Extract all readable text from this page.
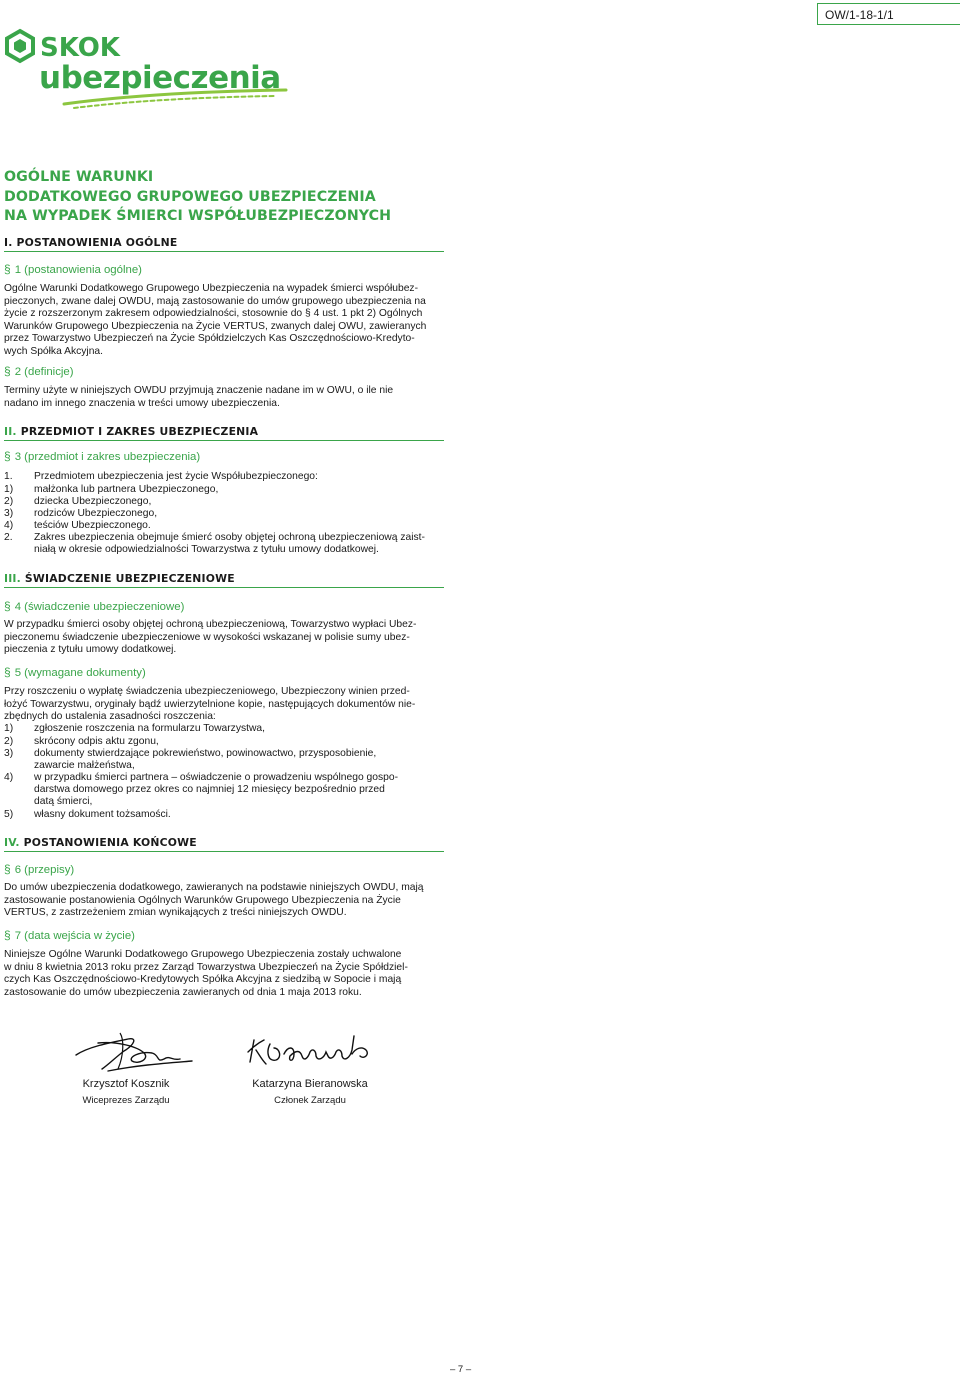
OW/1-18-1/1
SKOK
ubezpieczenia
OGÓLNE WARUNKI
DODATKOWEGO GRUPOWEGO UBEZPIECZENIA
NA WYPADEK ŚMIERCI WSPÓŁUBEZPIECZONYCH
I. POSTANOWIENIA OGÓLNE
§ 1 (postanowienia ogólne)
Ogólne Warunki Dodatkowego Grupowego Ubezpieczenia na wypadek śmierci współubez-
pieczonych, zwane dalej OWDU, mają zastosowanie do umów grupowego ubezpieczenia na
życie z rozszerzonym zakresem odpowiedzialności, stosownie do § 4 ust. 1 pkt 2) Ogólnych
Warunków Grupowego Ubezpieczenia na Życie VERTUS, zwanych dalej OWU, zawieranych
przez Towarzystwo Ubezpieczeń na Życie Spółdzielczych Kas Oszczędnościowo-Kredyto-
wych Spółka Akcyjna.
§ 2 (definicje)
Terminy użyte w niniejszych OWDU przyjmują znaczenie nadane im w OWU, o ile nie
nadano im innego znaczenia w treści umowy ubezpieczenia.
II. PRZEDMIOT I ZAKRES UBEZPIECZENIA
§ 3 (przedmiot i zakres ubezpieczenia)
1. Przedmiotem ubezpieczenia jest życie Współubezpieczonego:
1) małżonka lub partnera Ubezpieczonego,
2) dziecka Ubezpieczonego,
3) rodziców Ubezpieczonego,
4) teściów Ubezpieczonego.
2. Zakres ubezpieczenia obejmuje śmierć osoby objętej ochroną ubezpieczeniową zaist-
niałą w okresie odpowiedzialności Towarzystwa z tytułu umowy dodatkowej.
III. ŚWIADCZENIE UBEZPIECZENIOWE
§ 4 (świadczenie ubezpieczeniowe)
W przypadku śmierci osoby objętej ochroną ubezpieczeniową, Towarzystwo wypłaci Ubez-
pieczonemu świadczenie ubezpieczeniowe w wysokości wskazanej w polisie sumy ubez-
pieczenia z tytułu umowy dodatkowej.
§ 5 (wymagane dokumenty)
Przy roszczeniu o wypłatę świadczenia ubezpieczeniowego, Ubezpieczony winien przed-
łożyć Towarzystwu, oryginały bądź uwierzytelnione kopie, następujących dokumentów nie-
zbędnych do ustalenia zasadności roszczenia:
1) zgłoszenie roszczenia na formularzu Towarzystwa,
2) skrócony odpis aktu zgonu,
3) dokumenty stwierdzające pokrewieństwo, powinowactwo, przysposobienie,
zawarcie małżeństwa,
4) w przypadku śmierci partnera – oświadczenie o prowadzeniu wspólnego gospo-
darstwa domowego przez okres co najmniej 12 miesięcy bezpośrednio przed
datą śmierci,
5) własny dokument tożsamości.
IV. POSTANOWIENIA KOŃCOWE
§ 6 (przepisy)
Do umów ubezpieczenia dodatkowego, zawieranych na podstawie niniejszych OWDU, mają
zastosowanie postanowienia Ogólnych Warunków Grupowego Ubezpieczenia na Życie
VERTUS, z zastrzeżeniem zmian wynikających z treści niniejszych OWDU.
§ 7 (data wejścia w życie)
Niniejsze Ogólne Warunki Dodatkowego Grupowego Ubezpieczenia zostały uchwalone
w dniu 8 kwietnia 2013 roku przez Zarząd Towarzystwa Ubezpieczeń na Życie Spółdziel-
czych Kas Oszczędnościowo-Kredytowych Spółka Akcyjna z siedzibą w Sopocie i mają
zastosowanie do umów ubezpieczenia zawieranych od dnia 1 maja 2013 roku.
Krzysztof Kosznik
Wiceprezes Zarządu
Katarzyna Bieranowska
Członek Zarządu
– 7 –
